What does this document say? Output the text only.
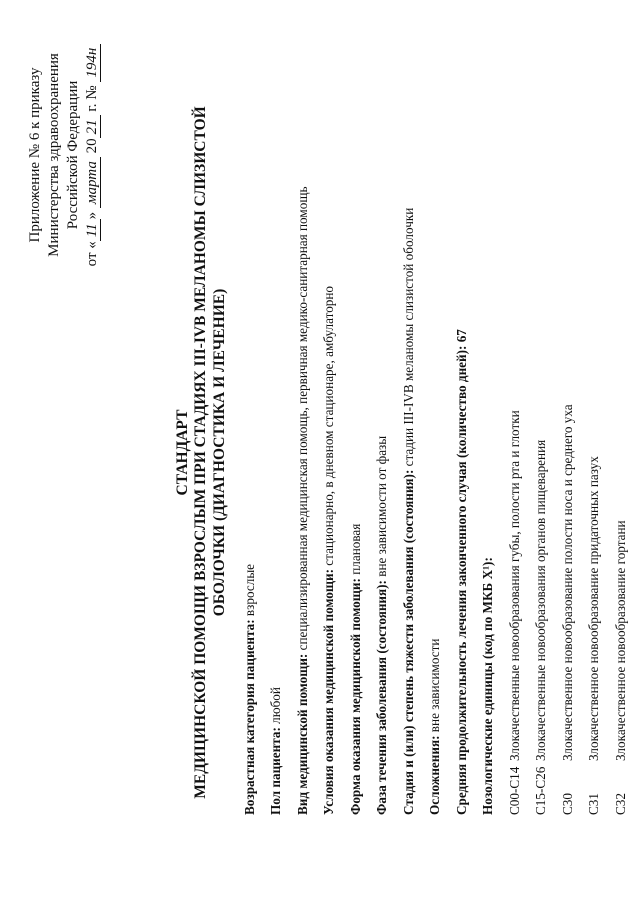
Приложение № 6 к приказу Министерства здравоохранения Российской Федерации
от «11» марта 2021 г. № 194н
СТАНДАРТ МЕДИЦИНСКОЙ ПОМОЩИ ВЗРОСЛЫМ ПРИ СТАДИЯХ III-IVB МЕЛАНОМЫ СЛИЗИСТОЙ ОБОЛОЧКИ (ДИАГНОСТИКА И ЛЕЧЕНИЕ)
Возрастная категория пациента: взрослые
Пол пациента: любой Вид медицинской помощи: специализированная медицинская помощь, первичная медико-санитарная помощь
Условия оказания медицинской помощи: стационарно, в дневном стационаре, амбулаторно
Форма оказания медицинской помощи: плановая
Фаза течения заболевания (состояния): вне зависимости от фазы Стадия и (или) степень тяжести заболевания (состояния): стадии III-IVB меланомы слизистой оболочки
Осложнения: вне зависимости Средняя продолжительность лечения законченного случая (количество дней): 67 Нозологические единицы (код по МКБ X¹): C00-C14Злокачественные новообразования губы, полости рта и глотки
C15-C26Злокачественные новообразования органов пищеварения
C30Злокачественное новообразование полости носа и среднего уха
C31Злокачественное новообразование придаточных пазух
C32Злокачественное новообразование гортани
